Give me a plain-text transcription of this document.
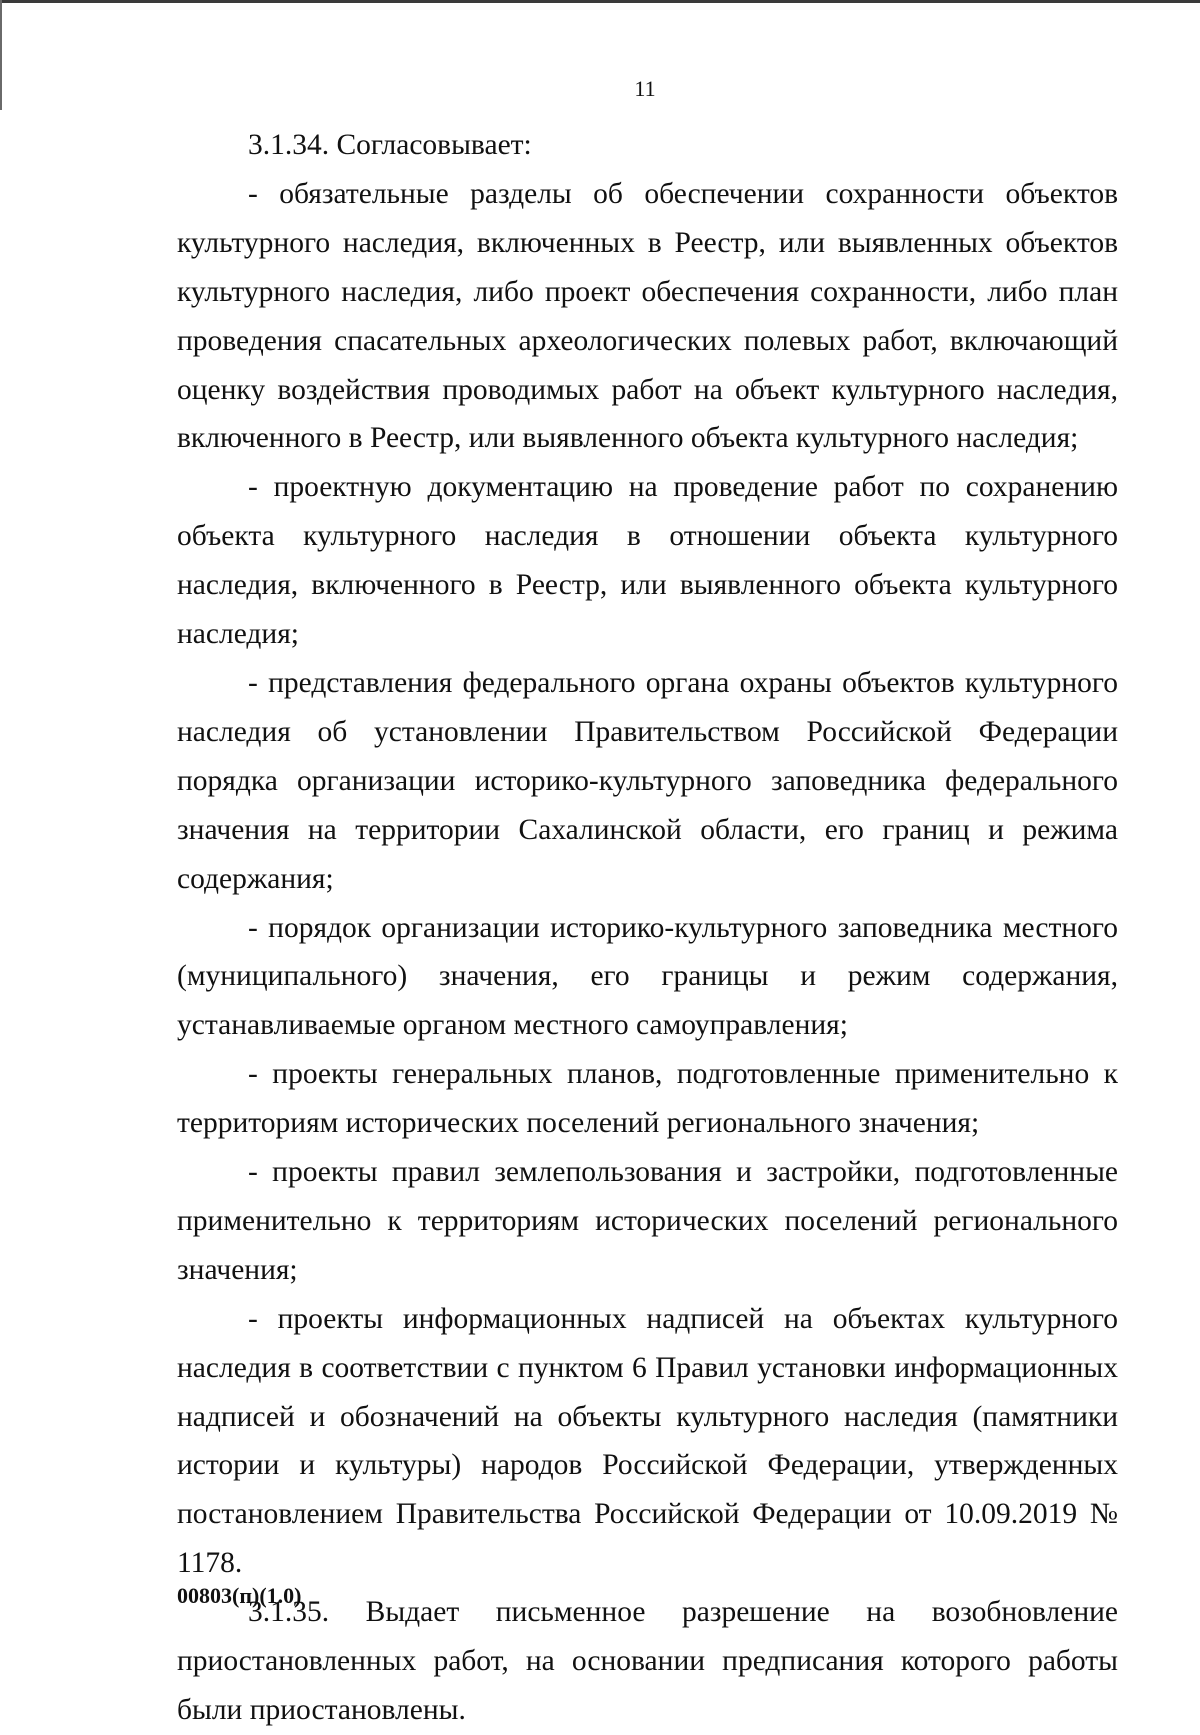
11

3.1.34. Согласовывает:

- обязательные разделы об обеспечении сохранности объектов культурного наследия, включенных в Реестр, или выявленных объектов культурного наследия, либо проект обеспечения сохранности, либо план проведения спасательных археологических полевых работ, включающий оценку воздействия проводимых работ на объект культурного наследия, включенного в Реестр, или выявленного объекта культурного наследия;

- проектную документацию на проведение работ по сохранению объекта культурного наследия в отношении объекта культурного наследия, включенного в Реестр, или выявленного объекта культурного наследия;

- представления федерального органа охраны объектов культурного наследия об установлении Правительством Российской Федерации порядка организации историко-культурного заповедника федерального значения на территории Сахалинской области, его границ и режима содержания;

- порядок организации историко-культурного заповедника местного (муниципального) значения, его границы и режим содержания, устанавливаемые органом местного самоуправления;

- проекты генеральных планов, подготовленные применительно к территориям исторических поселений регионального значения;

- проекты правил землепользования и застройки, подготовленные применительно к территориям исторических поселений регионального значения;

- проекты информационных надписей на объектах культурного наследия в соответствии с пунктом 6 Правил установки информационных надписей и обозначений на объекты культурного наследия (памятники истории и культуры) народов Российской Федерации, утвержденных постановлением Правительства Российской Федерации от 10.09.2019 № 1178.

3.1.35. Выдает письменное разрешение на возобновление приостановленных работ, на основании предписания которого работы были приостановлены.

00803(п)(1.0)
